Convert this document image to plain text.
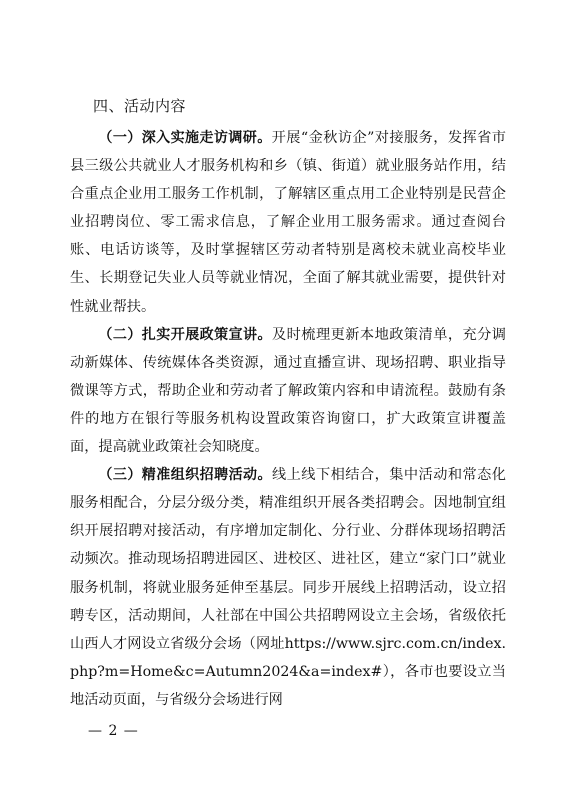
四、活动内容

（一）深入实施走访调研。开展“金秋访企”对接服务，发挥省市县三级公共就业人才服务机构和乡（镇、街道）就业服务站作用，结合重点企业用工服务工作机制，了解辖区重点用工企业特别是民营企业招聘岗位、零工需求信息，了解企业用工服务需求。通过查阅台账、电话访谈等，及时掌握辖区劳动者特别是离校未就业高校毕业生、长期登记失业人员等就业情况，全面了解其就业需要，提供针对性就业帮扶。

（二）扎实开展政策宣讲。及时梳理更新本地政策清单，充分调动新媒体、传统媒体各类资源，通过直播宣讲、现场招聘、职业指导微课等方式，帮助企业和劳动者了解政策内容和申请流程。鼓励有条件的地方在银行等服务机构设置政策咨询窗口，扩大政策宣讲覆盖面，提高就业政策社会知晓度。

（三）精准组织招聘活动。线上线下相结合，集中活动和常态化服务相配合，分层分级分类，精准组织开展各类招聘会。因地制宜组织开展招聘对接活动，有序增加定制化、分行业、分群体现场招聘活动频次。推动现场招聘进园区、进校区、进社区，建立“家门口”就业服务机制，将就业服务延伸至基层。同步开展线上招聘活动，设立招聘专区，活动期间，人社部在中国公共招聘网设立主会场，省级依托山西人才网设立省级分会场（网址https://www.sjrc.com.cn/index.php?m=Home&c=Autumn2024&a=index#），各市也要设立当地活动页面，与省级分会场进行网

— 2 —
